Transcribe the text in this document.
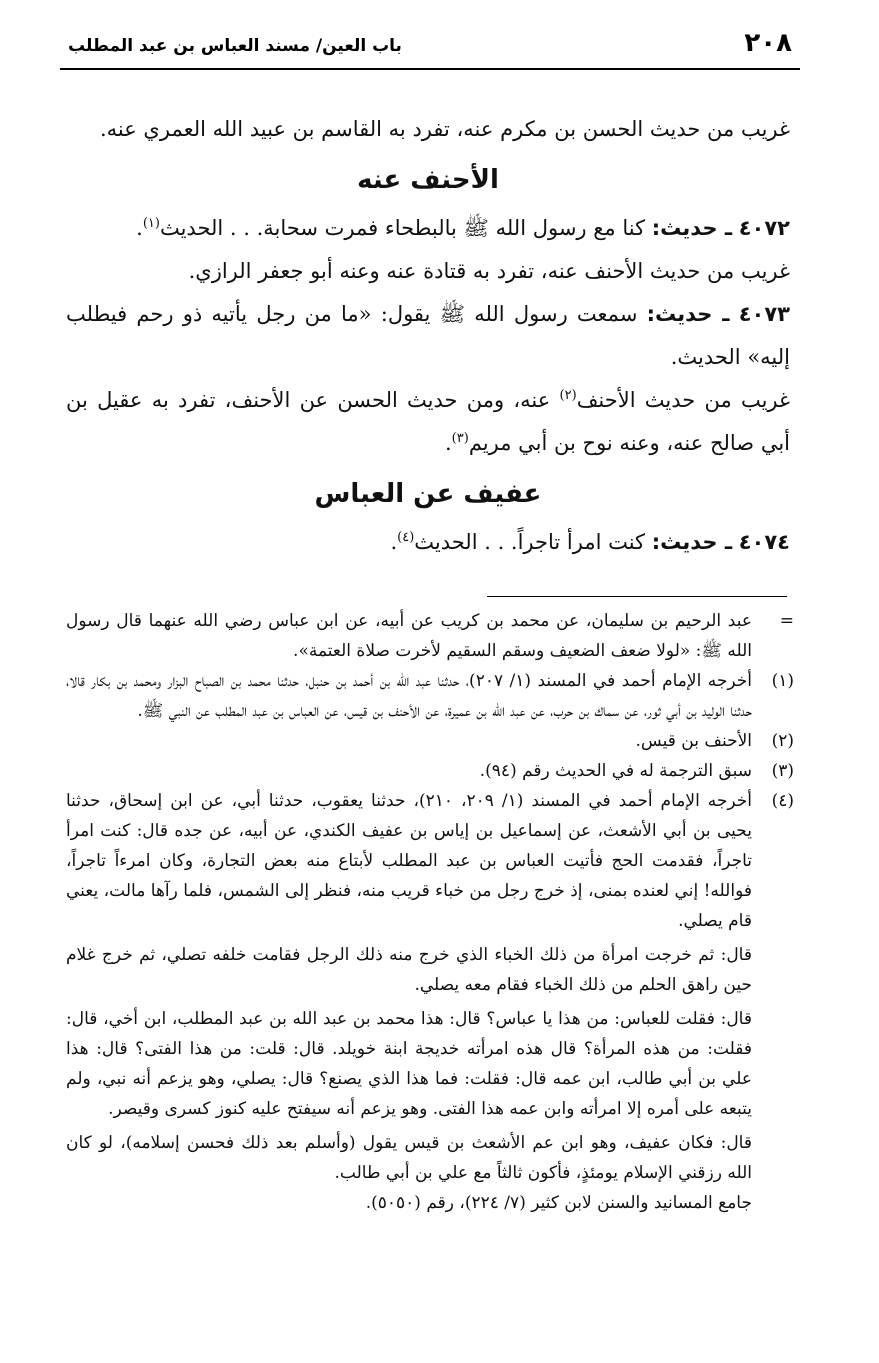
٢٠٨
باب العين/ مسند العباس بن عبد المطلب

غريب من حديث الحسن بن مكرم عنه، تفرد به القاسم بن عبيد الله العمري عنه.

الأحنف عنه

٤٠٧٢ ـ حديث: كنا مع رسول الله ﷺ بالبطحاء فمرت سحابة. . . الحديث$^{(١)}$.

غريب من حديث الأحنف عنه، تفرد به قتادة عنه وعنه أبو جعفر الرازي.

٤٠٧٣ ـ حديث: سمعت رسول الله ﷺ يقول: «ما من رجل يأتيه ذو رحم فيطلب إليه» الحديث.

غريب من حديث الأحنف$^{(٢)}$ عنه، ومن حديث الحسن عن الأحنف، تفرد به عقيل بن أبي صالح عنه، وعنه نوح بن أبي مريم$^{(٣)}$.

عفيف عن العباس

٤٠٧٤ ـ حديث: كنت امرأ تاجراً. . . الحديث$^{(٤)}$.

=

عبد الرحيم بن سليمان، عن محمد بن كريب عن أبيه، عن ابن عباس رضي الله عنهما قال رسول الله ﷺ: «لولا ضعف الضعيف وسقم السقيم لأخرت صلاة العتمة».

(١)

أخرجه الإمام أحمد في المسند (١/ ٢٠٧)، حدثنا عبد الله بن أحمد بن حنبل، حدثنا محمد بن الصباح البزار ومحمد بن بكار قالا، حدثنا الوليد بن أبي ثور، عن سماك بن حرب، عن عبد الله بن عميرة، عن الأحنف بن قيس، عن العباس بن عبد المطلب عن النبي ﷺ.

(٢)

الأحنف بن قيس.

(٣)

سبق الترجمة له في الحديث رقم (٩٤).

(٤)

أخرجه الإمام أحمد في المسند (١/ ٢٠٩، ٢١٠)، حدثنا يعقوب، حدثنا أبي، عن ابن إسحاق، حدثنا يحيى بن أبي الأشعث، عن إسماعيل بن إياس بن عفيف الكندي، عن أبيه، عن جده قال: كنت امرأ تاجراً، فقدمت الحج فأتيت العباس بن عبد المطلب لأبتاع منه بعض التجارة، وكان امرءاً تاجراً، فوالله! إني لعنده بمنى، إذ خرج رجل من خباء قريب منه، فنظر إلى الشمس، فلما رآها مالت، يعني قام يصلي.

قال: ثم خرجت امرأة من ذلك الخباء الذي خرج منه ذلك الرجل فقامت خلفه تصلي، ثم خرج غلام حين راهق الحلم من ذلك الخباء فقام معه يصلي.

قال: فقلت للعباس: من هذا يا عباس؟ قال: هذا محمد بن عبد الله بن عبد المطلب، ابن أخي، قال: فقلت: من هذه المرأة؟ قال هذه امرأته خديجة ابنة خويلد. قال: قلت: من هذا الفتى؟ قال: هذا علي بن أبي طالب، ابن عمه قال: فقلت: فما هذا الذي يصنع؟ قال: يصلي، وهو يزعم أنه نبي، ولم يتبعه على أمره إلا امرأته وابن عمه هذا الفتى. وهو يزعم أنه سيفتح عليه كنوز كسرى وقيصر.

قال: فكان عفيف، وهو ابن عم الأشعث بن قيس يقول (وأسلم بعد ذلك فحسن إسلامه)، لو كان الله رزقني الإسلام يومئذٍ، فأكون ثالثاً مع علي بن أبي طالب.

جامع المسانيد والسنن لابن كثير (٧/ ٢٢٤)، رقم (٥٠٥٠).
